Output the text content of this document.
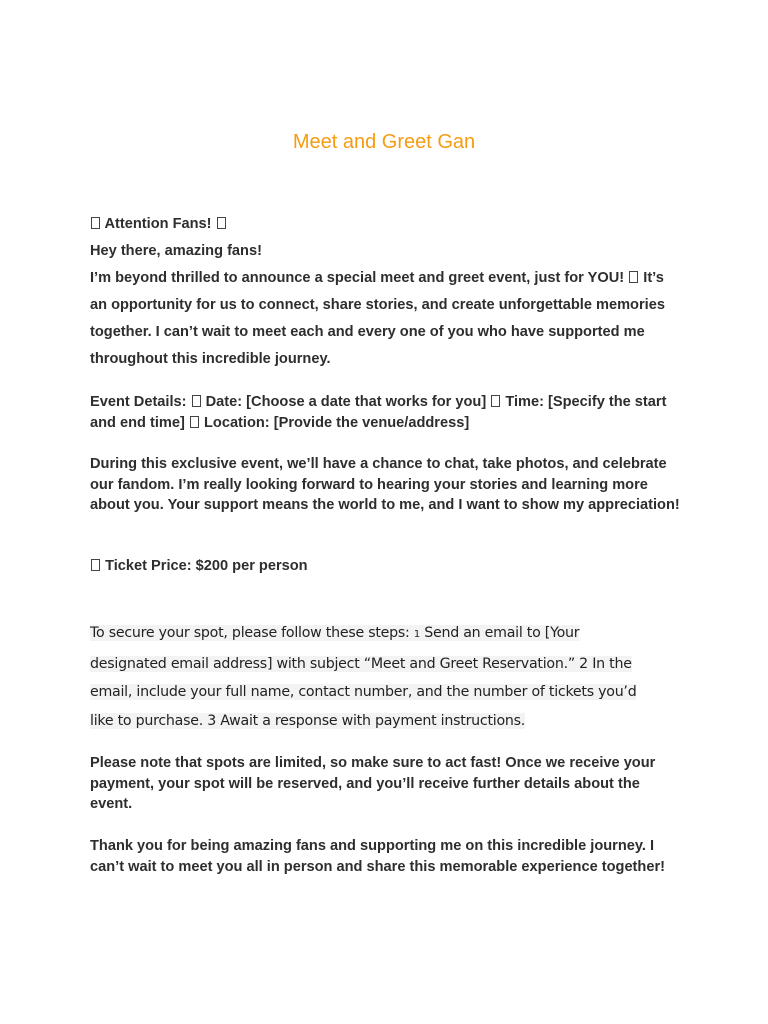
Meet and Greet Gan

Attention Fans!

Hey there, amazing fans!

I’m beyond thrilled to announce a special meet and greet event, just for YOU! It’s an opportunity for us to connect, share stories, and create unforgettable memories together. I can’t wait to meet each and every one of you who have supported me throughout this incredible journey.

Event Details: Date: [Choose a date that works for you] Time: [Specify the start and end time] Location: [Provide the venue/address]

During this exclusive event, we’ll have a chance to chat, take photos, and celebrate our fandom. I’m really looking forward to hearing your stories and learning more about you. Your support means the world to me, and I want to show my appreciation!

Ticket Price: $200 per person

To secure your spot, please follow these steps: 1 Send an email to [Your

designated email address] with subject “Meet and Greet Reservation.” 2 In the

email, include your full name, contact number, and the number of tickets you’d

like to purchase. 3 Await a response with payment instructions.

Please note that spots are limited, so make sure to act fast! Once we receive your payment, your spot will be reserved, and you’ll receive further details about the event.

Thank you for being amazing fans and supporting me on this incredible journey. I can’t wait to meet you all in person and share this memorable experience together!
